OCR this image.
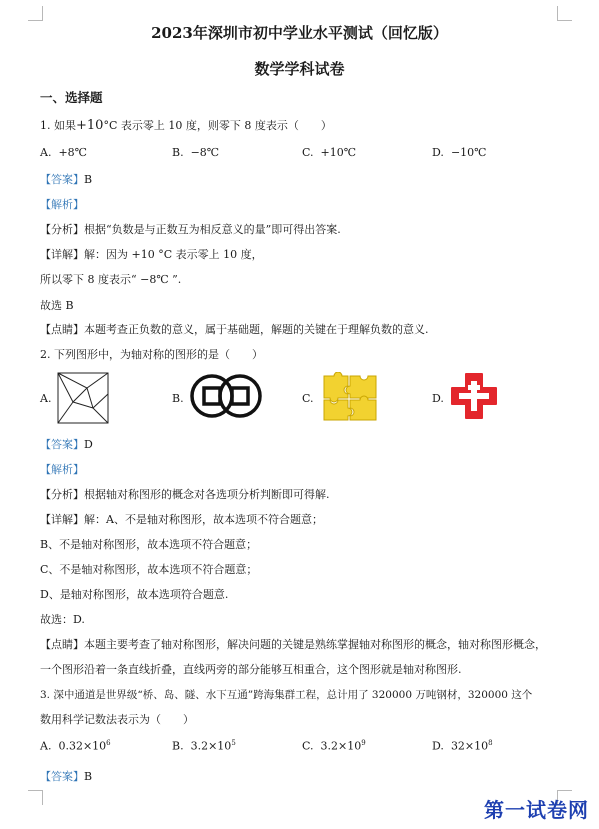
2023年深圳市初中学业水平测试（回忆版）
数学学科试卷
一、选择题
1. 如果+10°C 表示零上 10 度，则零下 8 度表示（　　）
A. +8℃	B. −8℃	C. +10℃	D. −10℃
【答案】B
【解析】
【分析】根据“负数是与正数互为相反意义的量”即可得出答案.
【详解】解：因为 +10 °C 表示零上 10 度，
所以零下 8 度表示“ −8℃ ”.
故选 B
【点睛】本题考查正负数的意义，属于基础题，解题的关键在于理解负数的意义.
2. 下列图形中，为轴对称的图形的是（　　）
A.	B.	C.	D.
【答案】D
【解析】
【分析】根据轴对称图形的概念对各选项分析判断即可得解.
【详解】解：A、不是轴对称图形，故本选项不符合题意；
B、不是轴对称图形，故本选项不符合题意；
C、不是轴对称图形，故本选项不符合题意；
D、是轴对称图形，故本选项符合题意.
故选：D.
【点睛】本题主要考查了轴对称图形，解决问题的关键是熟练掌握轴对称图形的概念，轴对称图形概念，
一个图形沿着一条直线折叠，直线两旁的部分能够互相重合，这个图形就是轴对称图形.
3. 深中通道是世界级“桥、岛、隧、水下互通”跨海集群工程，总计用了 320000 万吨钢材，320000 这个
数用科学记数法表示为（　　）
A. $0.32\times 10^6$	B. $3.2\times 10^5$	C. $3.2\times 10^9$	D. $32\times 10^8$
【答案】B
第一试卷网
